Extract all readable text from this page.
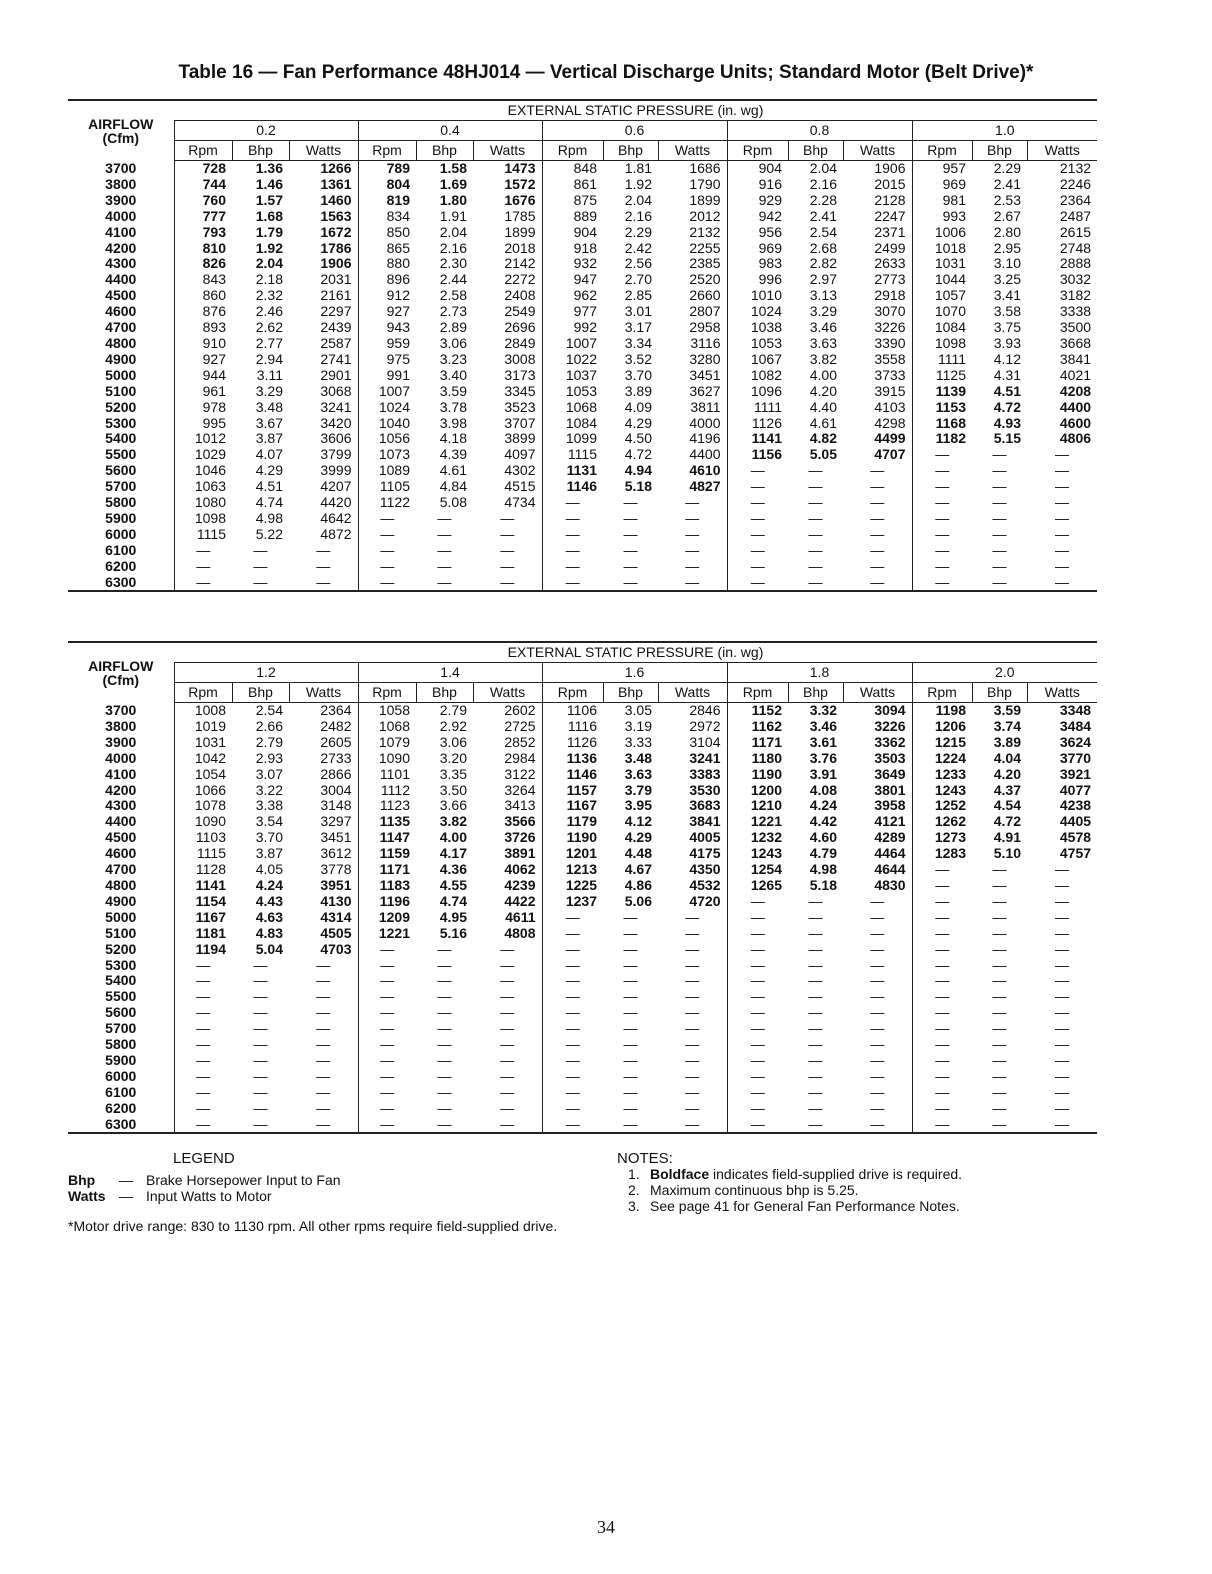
Table 16 — Fan Performance 48HJ014 — Vertical Discharge Units; Standard Motor (Belt Drive)*
AIRFLOW
(Cfm)	EXTERNAL STATIC PRESSURE (in. wg)														
	0.2			0.4			0.6			0.8			1.0		
	Rpm	Bhp	Watts	Rpm	Bhp	Watts	Rpm	Bhp	Watts	Rpm	Bhp	Watts	Rpm	Bhp	Watts
3700	728	1.36	1266	789	1.58	1473	848	1.81	1686	904	2.04	1906	957	2.29	2132
3800	744	1.46	1361	804	1.69	1572	861	1.92	1790	916	2.16	2015	969	2.41	2246
3900	760	1.57	1460	819	1.80	1676	875	2.04	1899	929	2.28	2128	981	2.53	2364
4000	777	1.68	1563	834	1.91	1785	889	2.16	2012	942	2.41	2247	993	2.67	2487
4100	793	1.79	1672	850	2.04	1899	904	2.29	2132	956	2.54	2371	1006	2.80	2615
4200	810	1.92	1786	865	2.16	2018	918	2.42	2255	969	2.68	2499	1018	2.95	2748
4300	826	2.04	1906	880	2.30	2142	932	2.56	2385	983	2.82	2633	1031	3.10	2888
4400	843	2.18	2031	896	2.44	2272	947	2.70	2520	996	2.97	2773	1044	3.25	3032
4500	860	2.32	2161	912	2.58	2408	962	2.85	2660	1010	3.13	2918	1057	3.41	3182
4600	876	2.46	2297	927	2.73	2549	977	3.01	2807	1024	3.29	3070	1070	3.58	3338
4700	893	2.62	2439	943	2.89	2696	992	3.17	2958	1038	3.46	3226	1084	3.75	3500
4800	910	2.77	2587	959	3.06	2849	1007	3.34	3116	1053	3.63	3390	1098	3.93	3668
4900	927	2.94	2741	975	3.23	3008	1022	3.52	3280	1067	3.82	3558	1111	4.12	3841
5000	944	3.11	2901	991	3.40	3173	1037	3.70	3451	1082	4.00	3733	1125	4.31	4021
5100	961	3.29	3068	1007	3.59	3345	1053	3.89	3627	1096	4.20	3915	1139	4.51	4208
5200	978	3.48	3241	1024	3.78	3523	1068	4.09	3811	1111	4.40	4103	1153	4.72	4400
5300	995	3.67	3420	1040	3.98	3707	1084	4.29	4000	1126	4.61	4298	1168	4.93	4600
5400	1012	3.87	3606	1056	4.18	3899	1099	4.50	4196	1141	4.82	4499	1182	5.15	4806
5500	1029	4.07	3799	1073	4.39	4097	1115	4.72	4400	1156	5.05	4707	—	—	—
5600	1046	4.29	3999	1089	4.61	4302	1131	4.94	4610	—	—	—	—	—	—
5700	1063	4.51	4207	1105	4.84	4515	1146	5.18	4827	—	—	—	—	—	—
5800	1080	4.74	4420	1122	5.08	4734	—	—	—	—	—	—	—	—	—
5900	1098	4.98	4642	—	—	—	—	—	—	—	—	—	—	—	—
6000	1115	5.22	4872	—	—	—	—	—	—	—	—	—	—	—	—
6100	—	—	—	—	—	—	—	—	—	—	—	—	—	—	—
6200	—	—	—	—	—	—	—	—	—	—	—	—	—	—	—
6300	—	—	—	—	—	—	—	—	—	—	—	—	—	—	—
AIRFLOW
(Cfm)	EXTERNAL STATIC PRESSURE (in. wg)														
	1.2			1.4			1.6			1.8			2.0		
	Rpm	Bhp	Watts	Rpm	Bhp	Watts	Rpm	Bhp	Watts	Rpm	Bhp	Watts	Rpm	Bhp	Watts
3700	1008	2.54	2364	1058	2.79	2602	1106	3.05	2846	1152	3.32	3094	1198	3.59	3348
3800	1019	2.66	2482	1068	2.92	2725	1116	3.19	2972	1162	3.46	3226	1206	3.74	3484
3900	1031	2.79	2605	1079	3.06	2852	1126	3.33	3104	1171	3.61	3362	1215	3.89	3624
4000	1042	2.93	2733	1090	3.20	2984	1136	3.48	3241	1180	3.76	3503	1224	4.04	3770
4100	1054	3.07	2866	1101	3.35	3122	1146	3.63	3383	1190	3.91	3649	1233	4.20	3921
4200	1066	3.22	3004	1112	3.50	3264	1157	3.79	3530	1200	4.08	3801	1243	4.37	4077
4300	1078	3.38	3148	1123	3.66	3413	1167	3.95	3683	1210	4.24	3958	1252	4.54	4238
4400	1090	3.54	3297	1135	3.82	3566	1179	4.12	3841	1221	4.42	4121	1262	4.72	4405
4500	1103	3.70	3451	1147	4.00	3726	1190	4.29	4005	1232	4.60	4289	1273	4.91	4578
4600	1115	3.87	3612	1159	4.17	3891	1201	4.48	4175	1243	4.79	4464	1283	5.10	4757
4700	1128	4.05	3778	1171	4.36	4062	1213	4.67	4350	1254	4.98	4644	—	—	—
4800	1141	4.24	3951	1183	4.55	4239	1225	4.86	4532	1265	5.18	4830	—	—	—
4900	1154	4.43	4130	1196	4.74	4422	1237	5.06	4720	—	—	—	—	—	—
5000	1167	4.63	4314	1209	4.95	4611	—	—	—	—	—	—	—	—	—
5100	1181	4.83	4505	1221	5.16	4808	—	—	—	—	—	—	—	—	—
5200	1194	5.04	4703	—	—	—	—	—	—	—	—	—	—	—	—
5300	—	—	—	—	—	—	—	—	—	—	—	—	—	—	—
5400	—	—	—	—	—	—	—	—	—	—	—	—	—	—	—
5500	—	—	—	—	—	—	—	—	—	—	—	—	—	—	—
5600	—	—	—	—	—	—	—	—	—	—	—	—	—	—	—
5700	—	—	—	—	—	—	—	—	—	—	—	—	—	—	—
5800	—	—	—	—	—	—	—	—	—	—	—	—	—	—	—
5900	—	—	—	—	—	—	—	—	—	—	—	—	—	—	—
6000	—	—	—	—	—	—	—	—	—	—	—	—	—	—	—
6100	—	—	—	—	—	—	—	—	—	—	—	—	—	—	—
6200	—	—	—	—	—	—	—	—	—	—	—	—	—	—	—
6300	—	—	—	—	—	—	—	—	—	—	—	—	—	—	—
LEGEND
Bhp — Brake Horsepower Input to Fan
Watts — Input Watts to Motor
*Motor drive range: 830 to 1130 rpm. All other rpms require field-supplied drive.
NOTES:
1. Boldface indicates field-supplied drive is required.
2. Maximum continuous bhp is 5.25.
3. See page 41 for General Fan Performance Notes.
34
